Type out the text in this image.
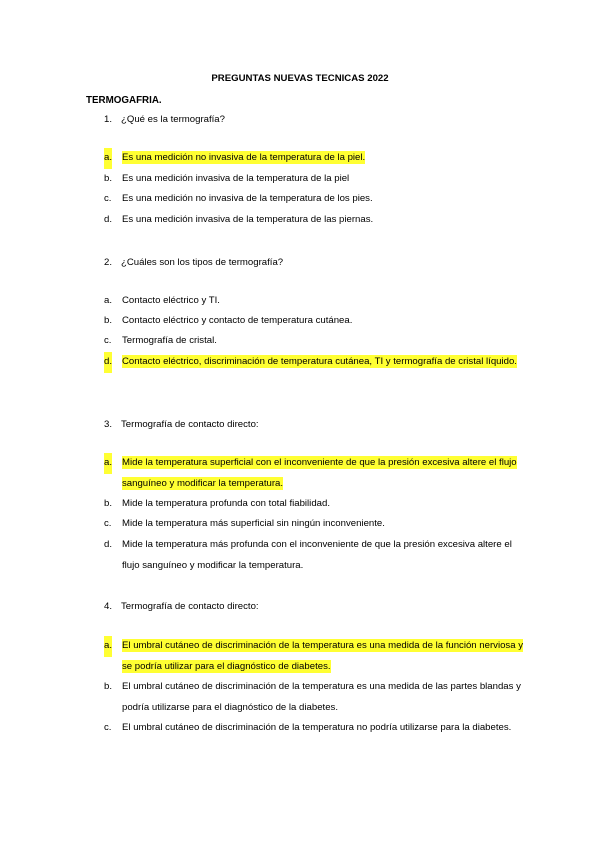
PREGUNTAS NUEVAS TECNICAS 2022
TERMOGAFRIA.
1. ¿Qué es la termografía?
a. Es una medición no invasiva de la temperatura de la piel.
b. Es una medición invasiva de la temperatura de la piel
c. Es una medición no invasiva de la temperatura de los pies.
d. Es una medición invasiva de la temperatura de las piernas.
2. ¿Cuáles son los tipos de termografía?
a. Contacto eléctrico y TI.
b. Contacto eléctrico y contacto de temperatura cutánea.
c. Termografía de cristal.
d. Contacto eléctrico, discriminación de temperatura cutánea, TI y termografía de cristal líquido.
3. Termografía de contacto directo:
a. Mide la temperatura superficial con el inconveniente de que la presión excesiva altere el flujo sanguíneo y modificar la temperatura.
b. Mide la temperatura profunda con total fiabilidad.
c. Mide la temperatura más superficial sin ningún inconveniente.
d. Mide la temperatura más profunda con el inconveniente de que la presión excesiva altere el flujo sanguíneo y modificar la temperatura.
4. Termografía de contacto directo:
a. El umbral cutáneo de discriminación de la temperatura es una medida de la función nerviosa y se podría utilizar para el diagnóstico de diabetes.
b. El umbral cutáneo de discriminación de la temperatura es una medida de las partes blandas y podría utilizarse para el diagnóstico de la diabetes.
c. El umbral cutáneo de discriminación de la temperatura no podría utilizarse para la diabetes.
